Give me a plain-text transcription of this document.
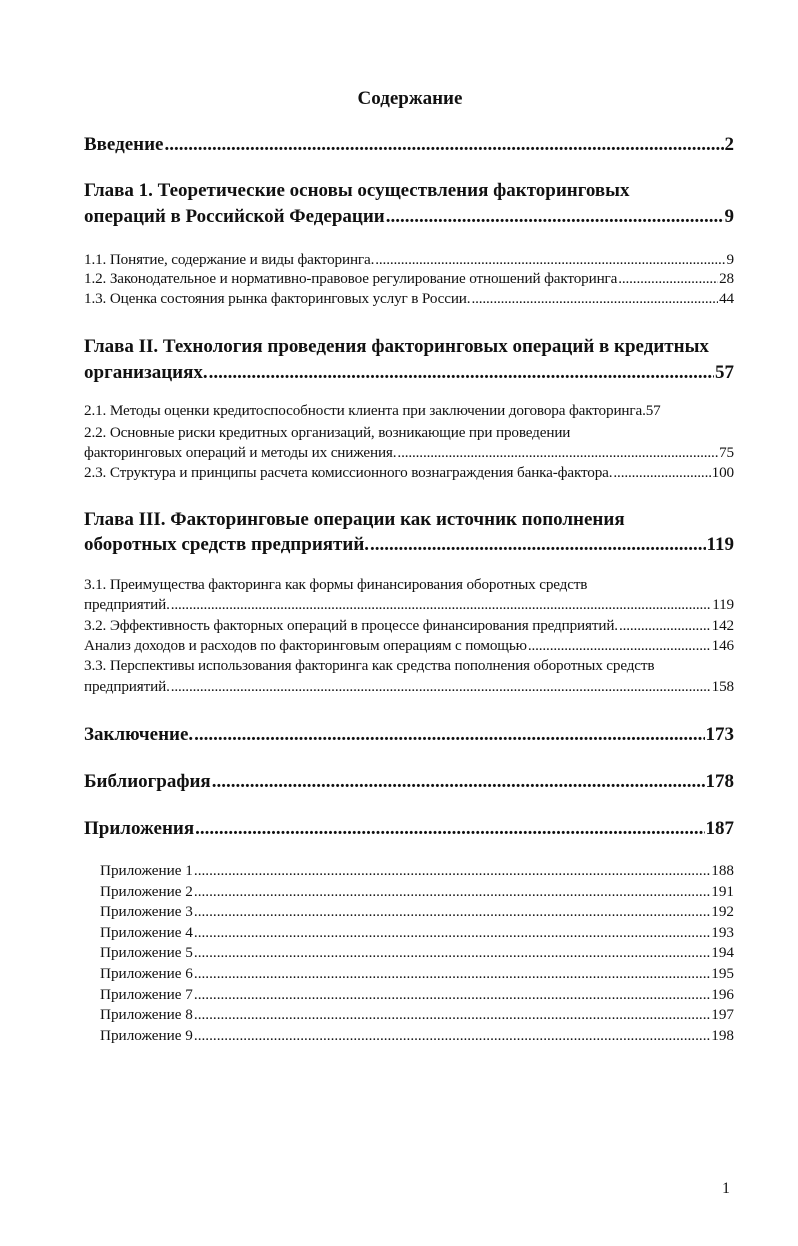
Содержание
Введение .....	2
Глава 1. Теоретические основы осуществления факторинговых
операций в Российской Федерации .....	9
1.1. Понятие, содержание и виды факторинга. .....	9
1.2. Законодательное и нормативно-правовое регулирование отношений факторинга .....	28
1.3. Оценка состояния рынка факторинговых услуг в России. .....	44
Глава II. Технология проведения факторинговых операций в кредитных
организациях. .....	57
2.1. Методы оценки кредитоспособности клиента при заключении договора факторинга. 57
2.2. Основные риски кредитных организаций, возникающие при проведении
факторинговых операций и методы их снижения. .....	75
2.3. Структура и принципы расчета комиссионного вознаграждения банка-фактора. .....	100
Глава III. Факторинговые операции как источник пополнения
оборотных средств предприятий. .....	119
3.1. Преимущества факторинга как формы финансирования оборотных средств
предприятий. .....	119
3.2. Эффективность факторных операций в процессе финансирования предприятий. .....	142
Анализ доходов и расходов по факторинговым операциям с помощью .....	146
3.3. Перспективы использования факторинга как средства пополнения оборотных средств
предприятий. .....	158
Заключение. .....	173
Библиография .....	178
Приложения .....	187
Приложение 1 .....	188
Приложение 2 .....	191
Приложение 3 .....	192
Приложение 4 .....	193
Приложение 5 .....	194
Приложение 6 .....	195
Приложение 7 .....	196
Приложение 8 .....	197
Приложение 9 .....	198
1
